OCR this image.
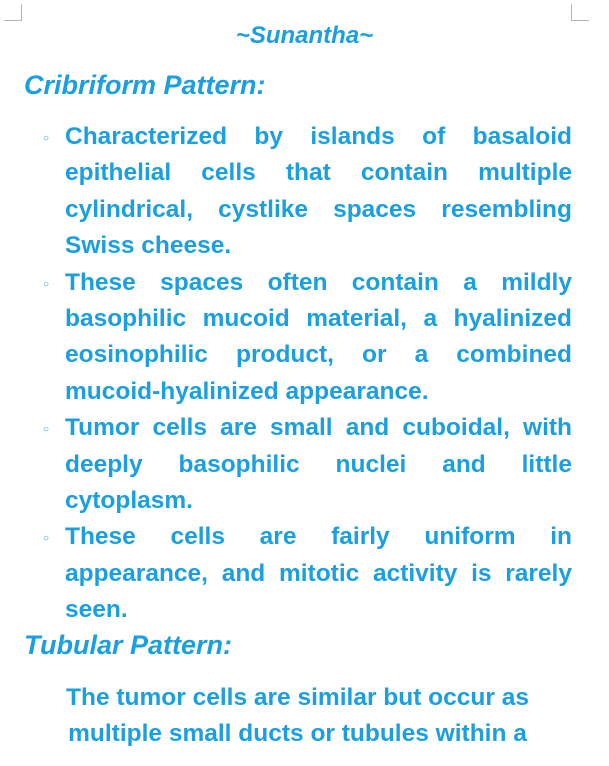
~Sunantha~
Cribriform Pattern:
○ Characterized by islands of basaloid epithelial cells that contain multiple cylindrical, cystlike spaces resembling Swiss cheese.
○ These spaces often contain a mildly basophilic mucoid material, a hyalinized eosinophilic product, or a combined mucoid-hyalinized appearance.
○ Tumor cells are small and cuboidal, with deeply basophilic nuclei and little cytoplasm.
○ These cells are fairly uniform in appearance, and mitotic activity is rarely seen.
Tubular Pattern:
The tumor cells are similar but occur as multiple small ducts or tubules within a
